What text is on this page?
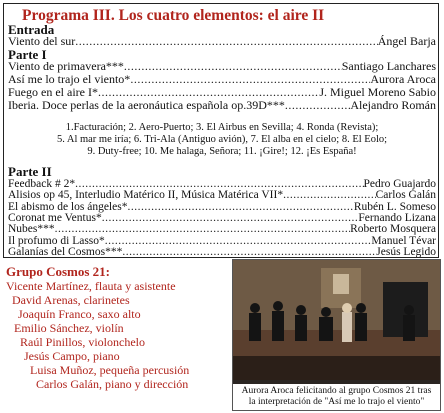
Programa III. Los cuatro elementos: el aire II
Entrada
Viento del sur .....	Ángel Barja
Parte I
Viento de primavera*** .....	Santiago Lanchares
Así me lo trajo el viento* .....	Aurora Aroca
Fuego en el aire I* .....	J. Miguel Moreno Sabio
Iberia. Doce perlas de la aeronáutica española op.39D*** .....	Alejandro Román

1.Facturación; 2. Aero-Puerto; 3. El Airbus en Sevilla; 4. Ronda (Revista);

5. Al mar me iría; 6. Tri-Ala (Antiguo avión), 7. El alba en el cielo; 8. El Eolo;

9. Duty-free; 10. Me halaga, Señora; 11. ¡Gire!; 12. ¡Es España!

Parte II
Feedback # 2* .....	Pedro Guajardo
Alisios op 45, Interludio Matérico II, Música Matérica VII* .....	Carlos Galán
El abismo de los ángeles* .....	Rubén L. Someso
Coronat me Ventus* .....	Fernando Lizana
Nubes*** .....	Roberto Mosquera
Il profumo di Lasso* .....	Manuel Tévar
Galanías del Cosmos*** .....	Jesús Legido
Grupo Cosmos 21:

Vicente Martínez, flauta y asistente

David Arenas, clarinetes

Joaquín Franco, saxo alto

Emilio Sánchez, violín

Raúl Pinillos, violonchelo

Jesús Campo, piano

Luisa Muñoz, pequeña percusión

Carlos Galán, piano y dirección	Aurora Aroca felicitando al grupo Cosmos 21 tras
la interpretación de "Así me lo trajo el viento"
